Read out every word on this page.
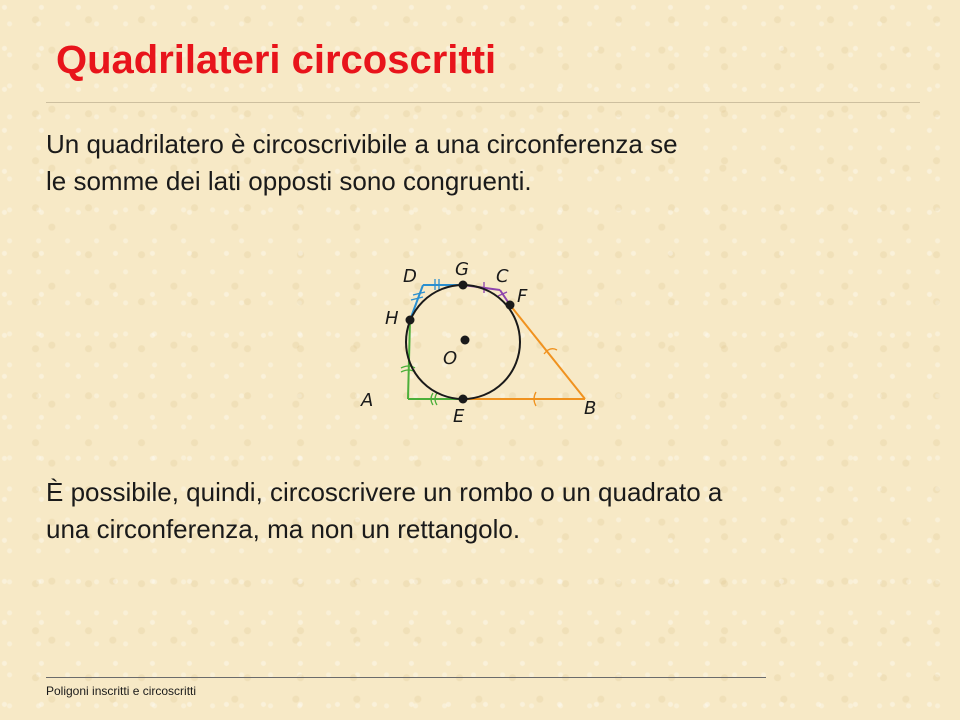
Quadrilateri circoscritti

Un quadrilatero è circoscrivibile a una circonferenza se
le somme dei lati opposti sono congruenti.

D G C
F
H
O
A
E	B

È possibile, quindi, circoscrivere un rombo o un quadrato a
una circonferenza, ma non un rettangolo.

Poligoni inscritti e circoscritti
